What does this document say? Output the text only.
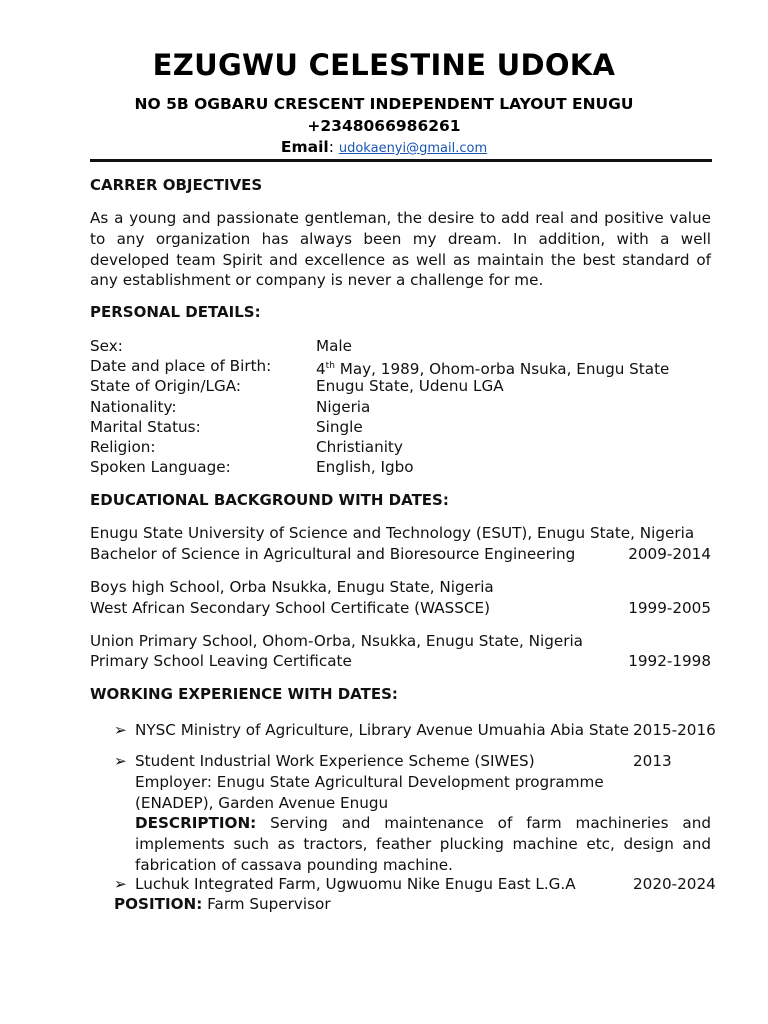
EZUGWU CELESTINE UDOKA
NO 5B OGBARU CRESCENT INDEPENDENT LAYOUT ENUGU
+2348066986261
Email: udokaenyi@gmail.com
CARRER OBJECTIVES
As a young and passionate gentleman, the desire to add real and positive value to any organization has always been my dream. In addition, with a well developed team Spirit and excellence as well as maintain the best standard of any establishment or company is never a challenge for me.
PERSONAL DETAILS:
Sex:	Male
Date and place of Birth:	4th May, 1989, Ohom-orba Nsuka, Enugu State
State of Origin/LGA:	Enugu State, Udenu LGA
Nationality:	Nigeria
Marital Status:	Single
Religion:	Christianity
Spoken Language:	English, Igbo
EDUCATIONAL BACKGROUND WITH DATES:
Enugu State University of Science and Technology (ESUT), Enugu State, Nigeria
Bachelor of Science in Agricultural and Bioresource Engineering	2009-2014
Boys high School, Orba Nsukka, Enugu State, Nigeria
West African Secondary School Certificate (WASSCE)	1999-2005
Union Primary School, Ohom-Orba, Nsukka, Enugu State, Nigeria
Primary School Leaving Certificate	1992-1998
WORKING EXPERIENCE WITH DATES:
➢ NYSC Ministry of Agriculture, Library Avenue Umuahia Abia State 2015-2016
➢ Student Industrial Work Experience Scheme (SIWES)	2013
Employer: Enugu State Agricultural Development programme
(ENADEP), Garden Avenue Enugu
DESCRIPTION: Serving and maintenance of farm machineries and implements such as tractors, feather plucking machine etc, design and fabrication of cassava pounding machine.
➢ Luchuk Integrated Farm, Ugwuomu Nike Enugu East L.G.A	2020-2024
POSITION: Farm Supervisor
